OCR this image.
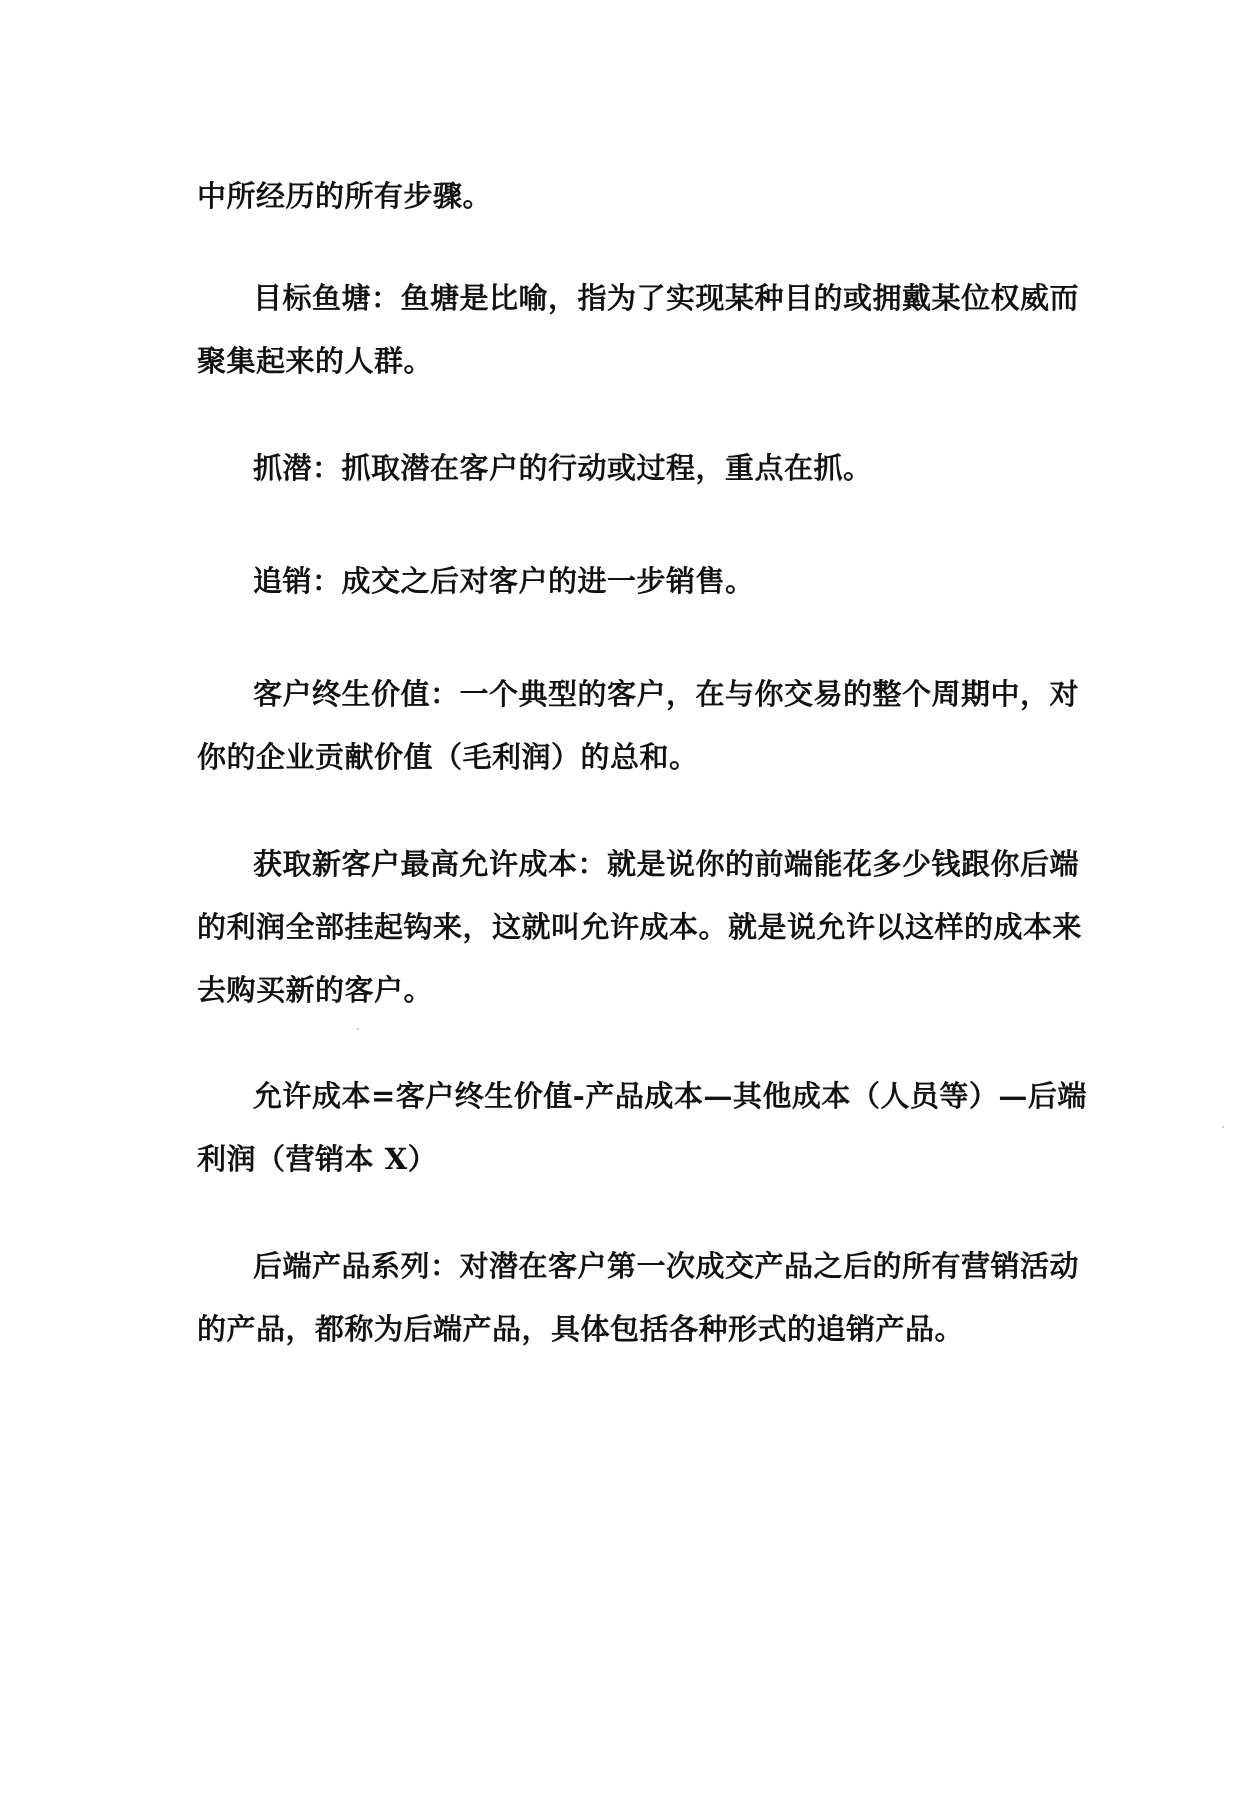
中所经历的所有步骤。

目标鱼塘：鱼塘是比喻，指为了实现某种目的或拥戴某位权威而
聚集起来的人群。

抓潜：抓取潜在客户的行动或过程，重点在抓。

追销：成交之后对客户的进一步销售。

客户终生价值：一个典型的客户，在与你交易的整个周期中，对
你的企业贡献价值（毛利润）的总和。

获取新客户最高允许成本：就是说你的前端能花多少钱跟你后端
的利润全部挂起钩来，这就叫允许成本。就是说允许以这样的成本来
去购买新的客户。

允许成本=客户终生价值-产品成本—其他成本（人员等）—后端
利润（营销本 X）

后端产品系列：对潜在客户第一次成交产品之后的所有营销活动
的产品，都称为后端产品，具体包括各种形式的追销产品。
